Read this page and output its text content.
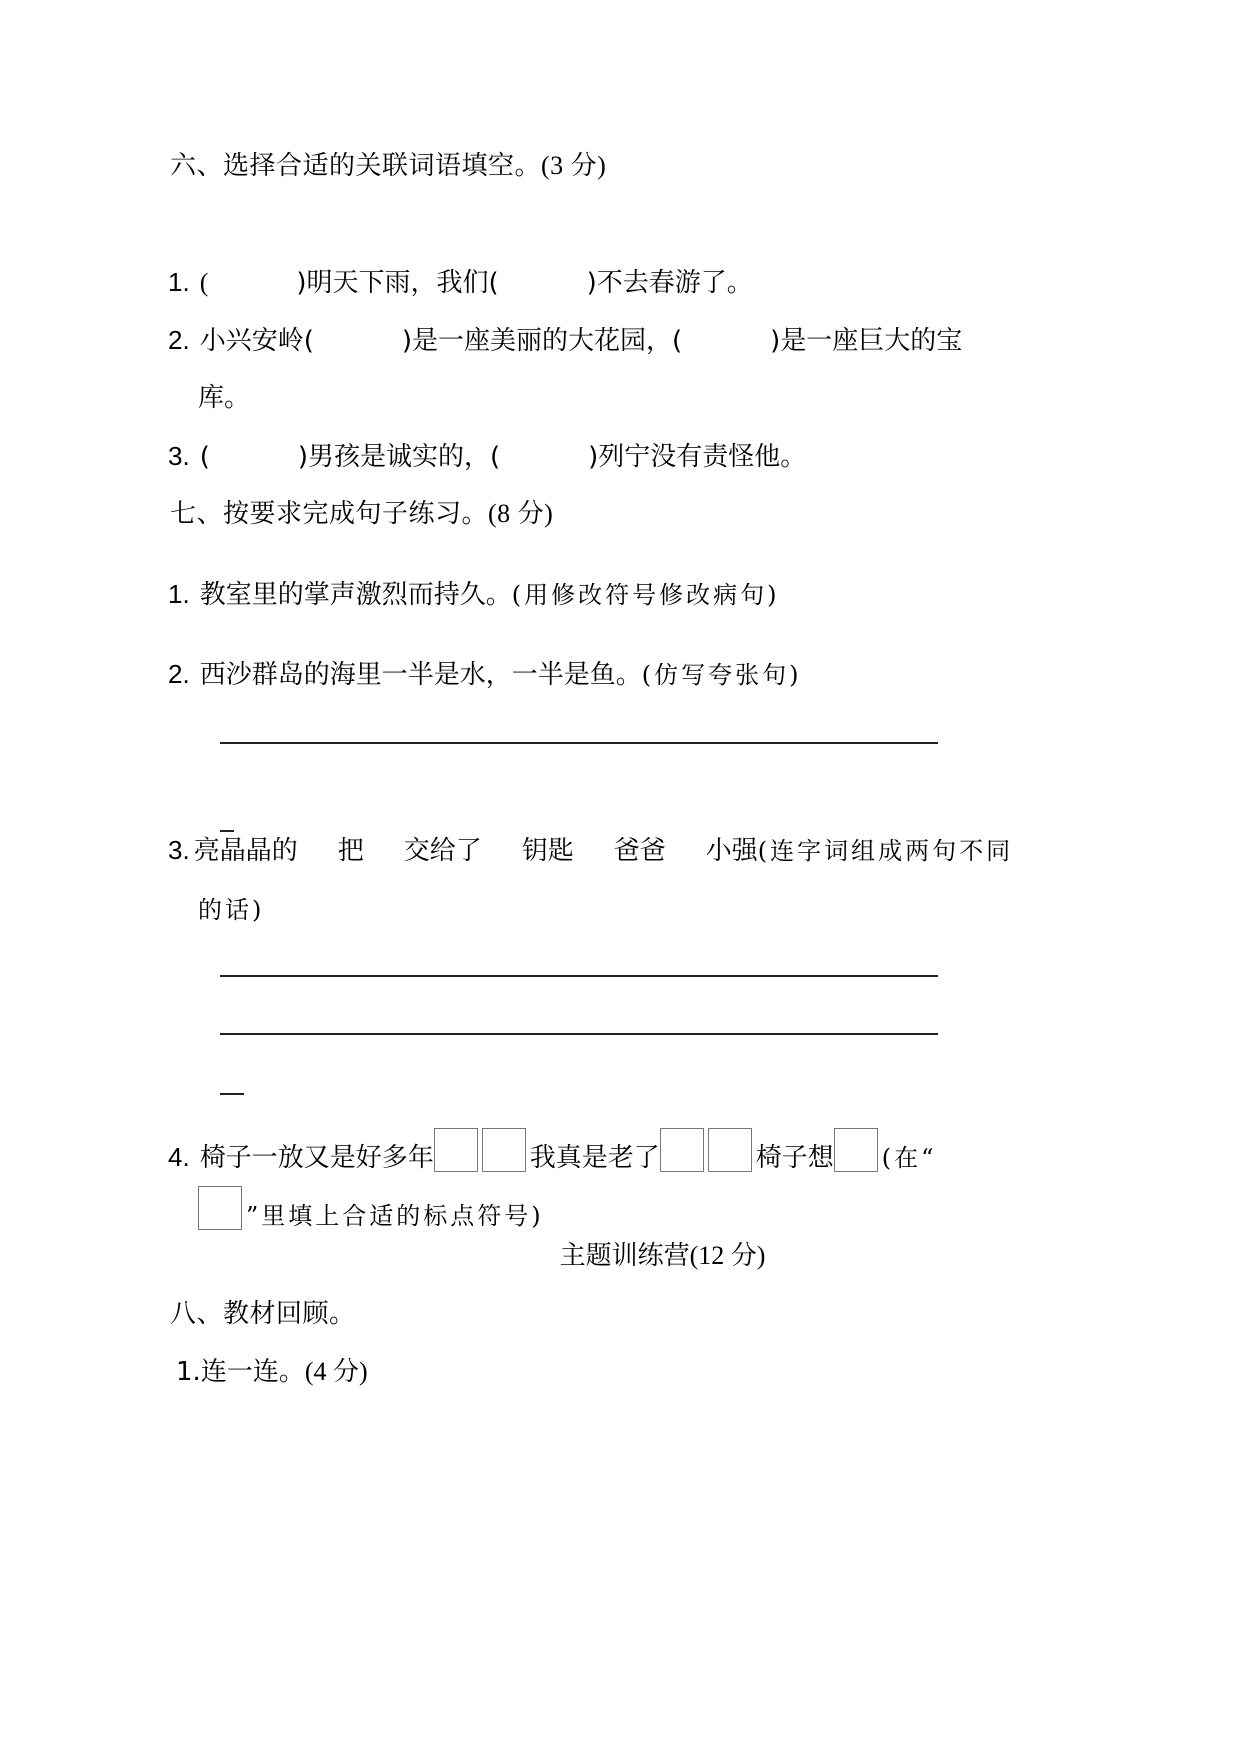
六、选择合适的关联词语填空。(3 分)
1. (	)明天下雨，我们(	)不去春游了。
2. 小兴安岭(	)是一座美丽的大花园，(	)是一座巨大的宝
库。
3. (	)男孩是诚实的，(	)列宁没有责怪他。
七、按要求完成句子练习。(8 分)
1. 教室里的掌声激烈而持久。(用修改符号修改病句)
2. 西沙群岛的海里一半是水，一半是鱼。(仿写夸张句)
3. 亮晶晶的 把 交给了 钥匙 爸爸 小强(连字词组成两句不同
的话)
4. 椅子一放又是好多年	我真是老了	椅子想 (在“
”里填上合适的标点符号)
主题训练营(12 分)
八、教材回顾。
1.连一连。(4 分)
